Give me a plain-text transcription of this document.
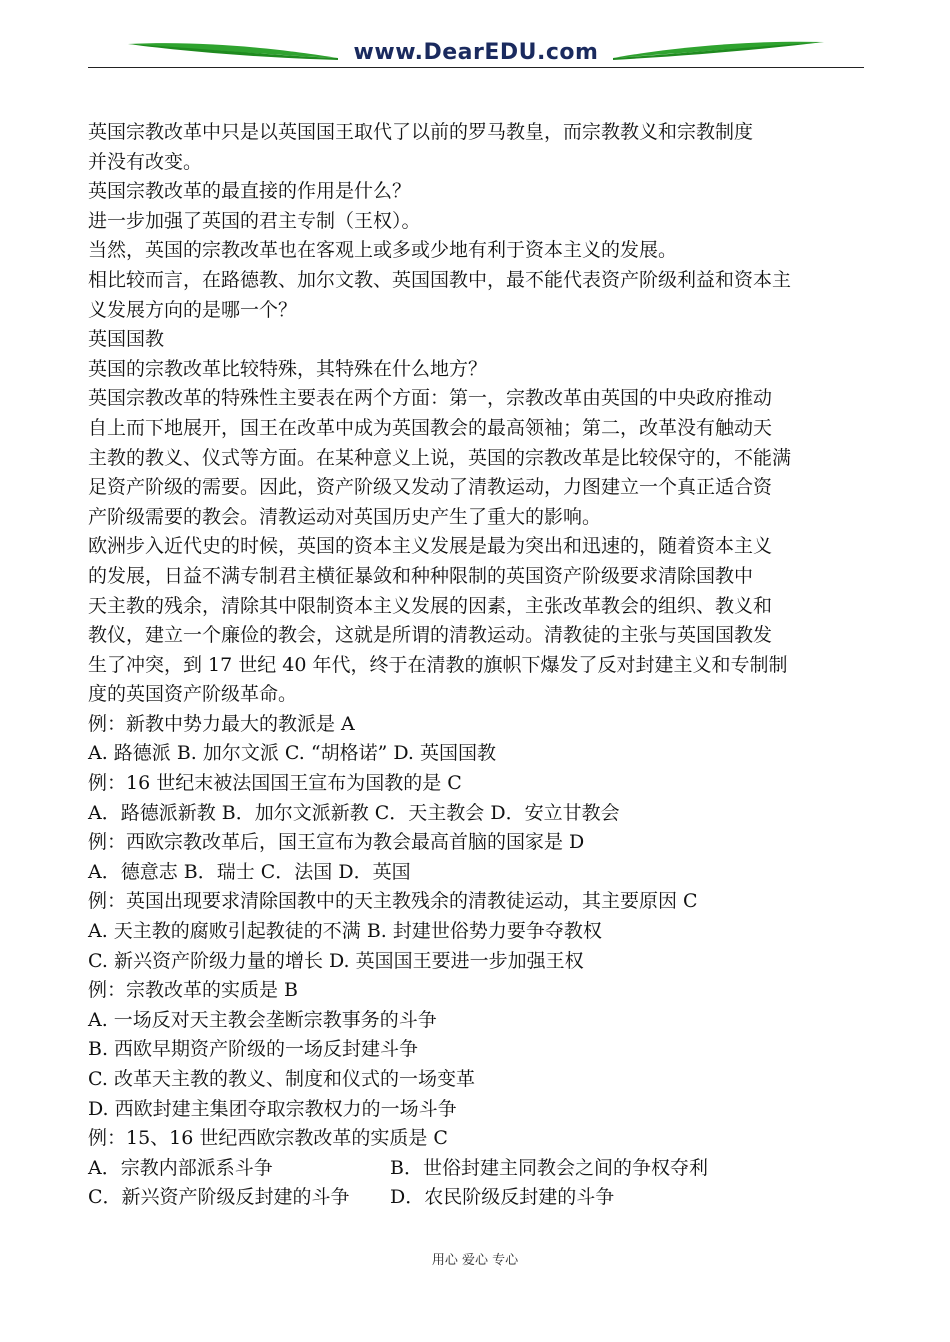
www.DearEDU.com
英国宗教改革中只是以英国国王取代了以前的罗马教皇，而宗教教义和宗教制度
并没有改变。
英国宗教改革的最直接的作用是什么？
进一步加强了英国的君主专制（王权）。
当然，英国的宗教改革也在客观上或多或少地有利于资本主义的发展。
相比较而言，在路德教、加尔文教、英国国教中，最不能代表资产阶级利益和资本主
义发展方向的是哪一个？
英国国教
英国的宗教改革比较特殊，其特殊在什么地方？
英国宗教改革的特殊性主要表在两个方面：第一，宗教改革由英国的中央政府推动
自上而下地展开，国王在改革中成为英国教会的最高领袖；第二，改革没有触动天
主教的教义、仪式等方面。在某种意义上说，英国的宗教改革是比较保守的，不能满
足资产阶级的需要。因此，资产阶级又发动了清教运动，力图建立一个真正适合资
产阶级需要的教会。清教运动对英国历史产生了重大的影响。
欧洲步入近代史的时候，英国的资本主义发展是最为突出和迅速的，随着资本主义
的发展，日益不满专制君主横征暴敛和种种限制的英国资产阶级要求清除国教中
天主教的残余，清除其中限制资本主义发展的因素，主张改革教会的组织、教义和
教仪，建立一个廉俭的教会，这就是所谓的清教运动。清教徒的主张与英国国教发
生了冲突，到 17 世纪 40 年代，终于在清教的旗帜下爆发了反对封建主义和专制制
度的英国资产阶级革命。
例：新教中势力最大的教派是 A
A. 路德派 B. 加尔文派 C. “胡格诺” D. 英国国教
例：16 世纪末被法国国王宣布为国教的是 C
A．路德派新教 B．加尔文派新教 C．天主教会 D．安立甘教会
例：西欧宗教改革后，国王宣布为教会最高首脑的国家是 D
A．德意志 B．瑞士 C．法国 D．英国
例：英国出现要求清除国教中的天主教残余的清教徒运动，其主要原因 C
A. 天主教的腐败引起教徒的不满 B. 封建世俗势力要争夺教权
C. 新兴资产阶级力量的增长 D. 英国国王要进一步加强王权
例：宗教改革的实质是 B
A. 一场反对天主教会垄断宗教事务的斗争
B. 西欧早期资产阶级的一场反封建斗争
C. 改革天主教的教义、制度和仪式的一场变革
D. 西欧封建主集团夺取宗教权力的一场斗争
例：15、16 世纪西欧宗教改革的实质是 C
A．宗教内部派系斗争	B．世俗封建主同教会之间的争权夺利
C．新兴资产阶级反封建的斗争 D．农民阶级反封建的斗争
用心 爱心 专心
